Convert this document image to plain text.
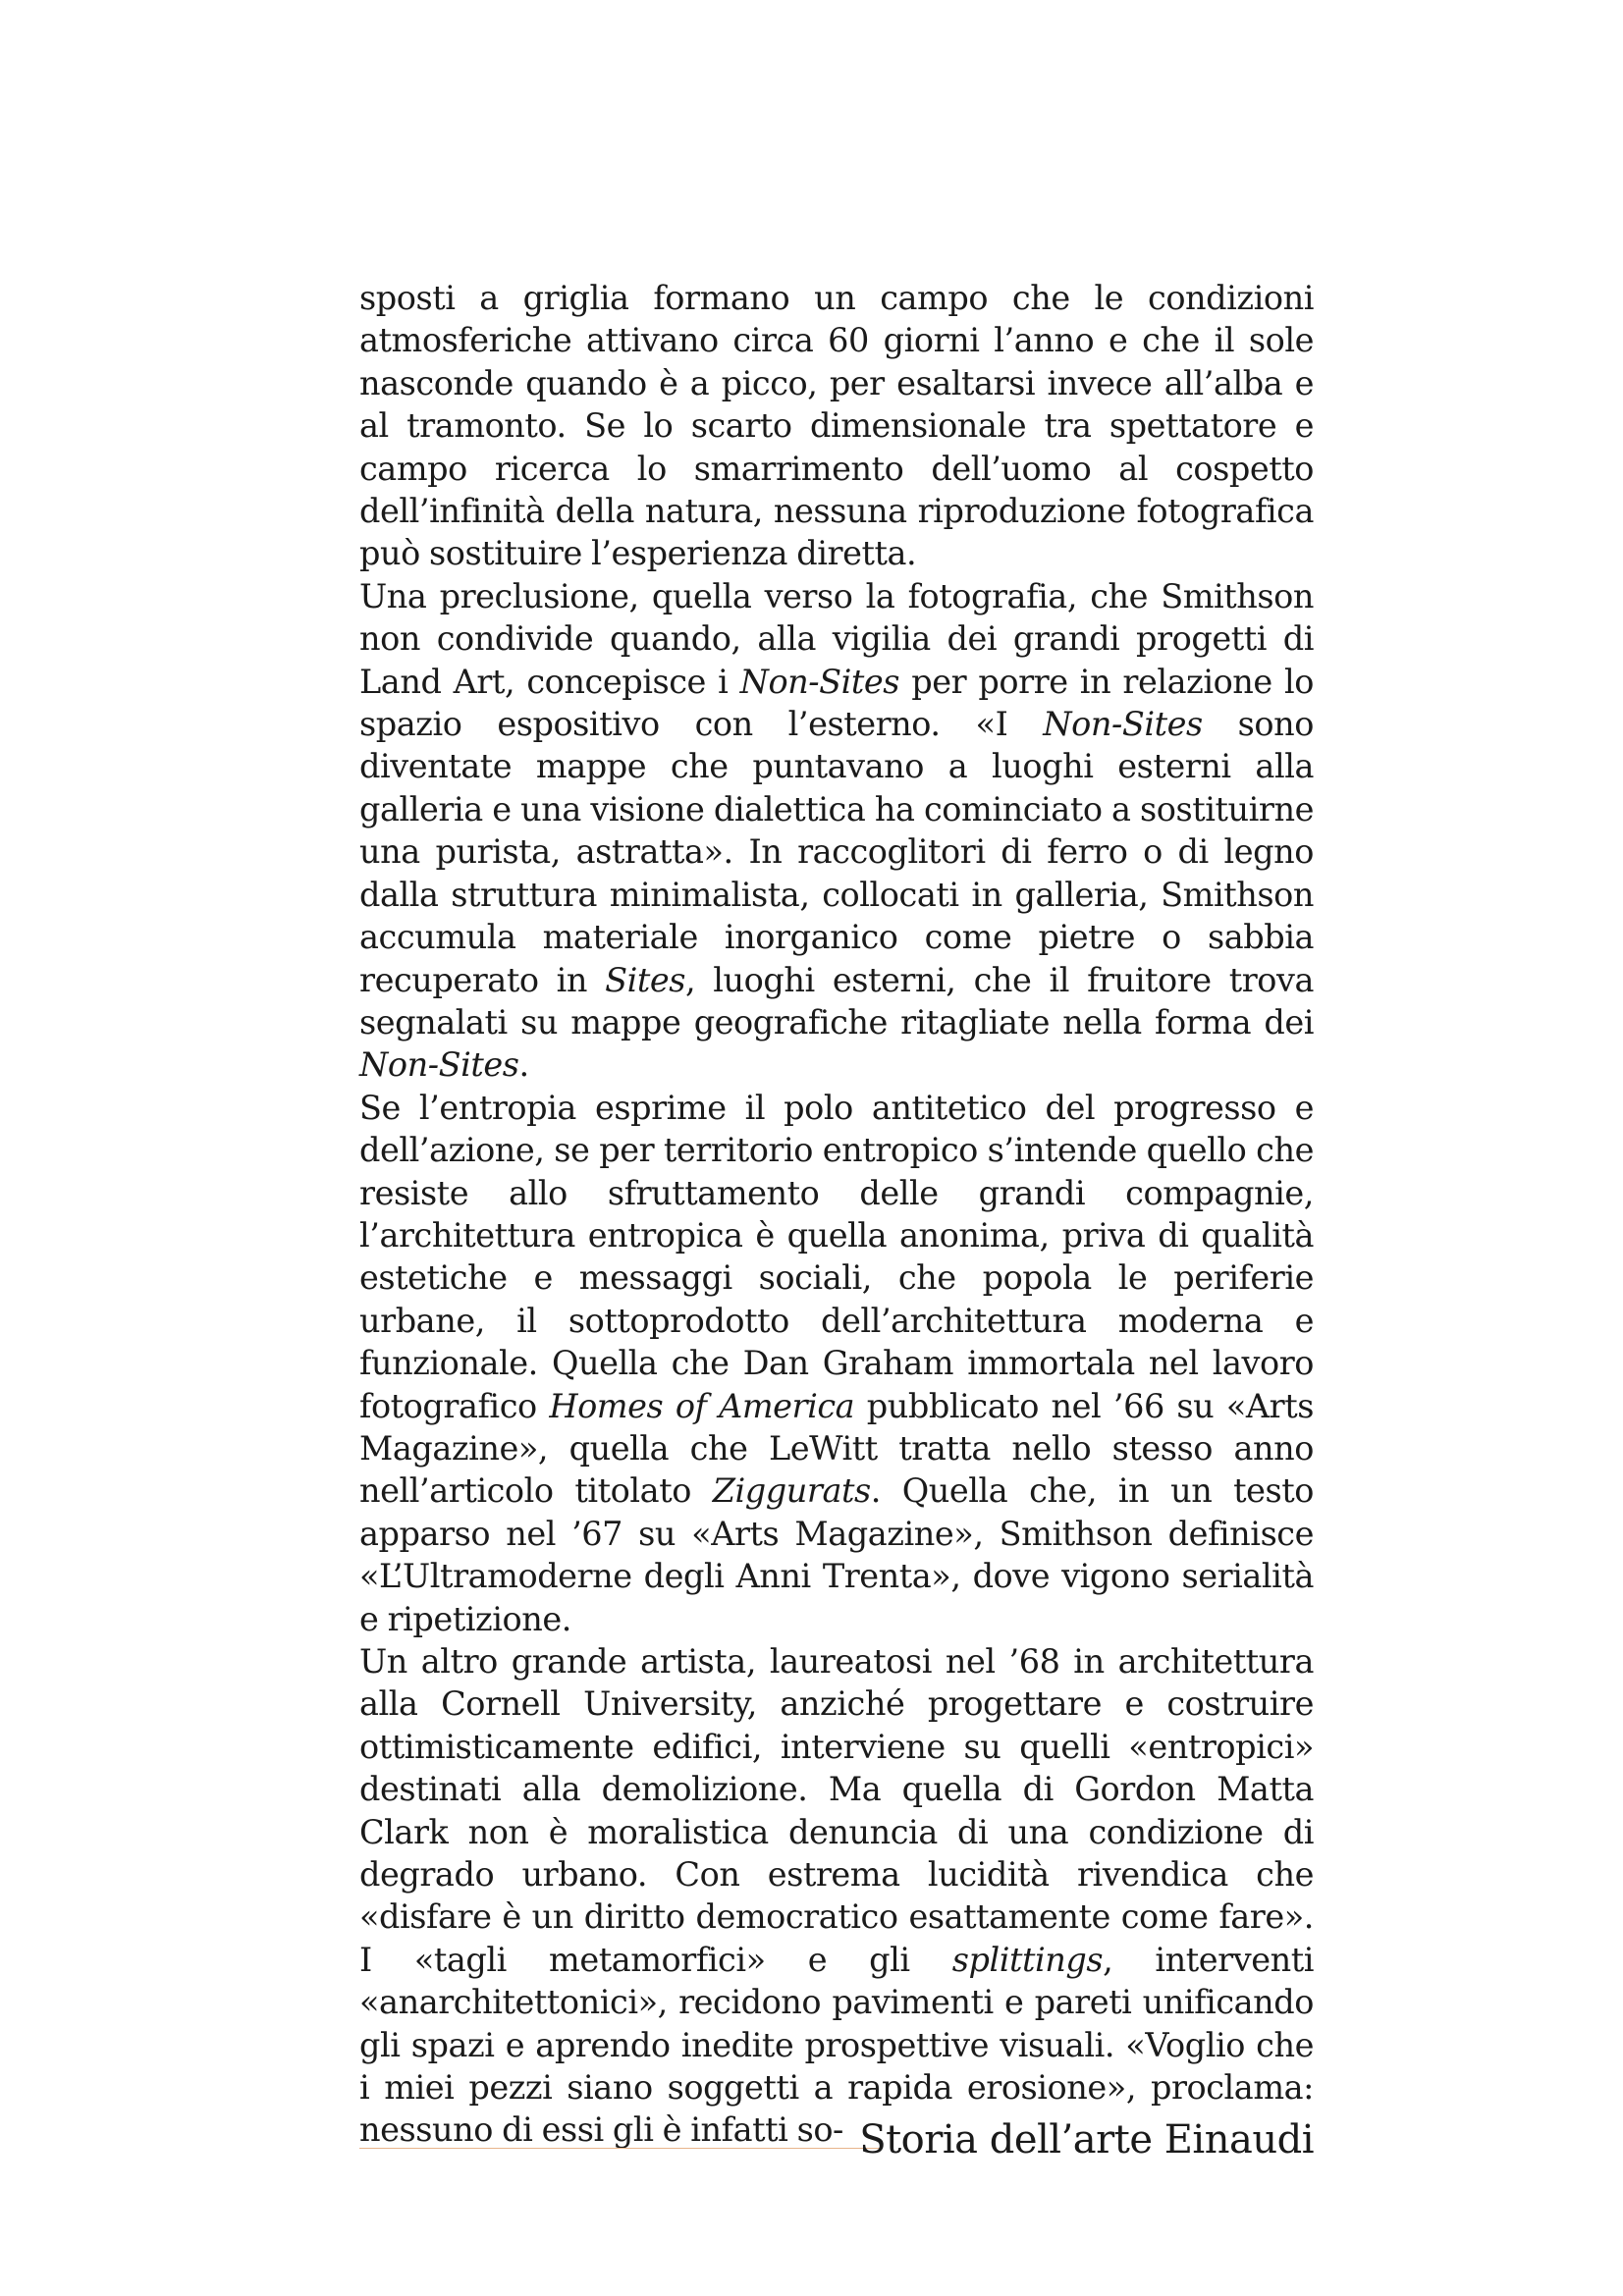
sposti a griglia formano un campo che le condizioni atmosferiche attivano circa 60 giorni l’anno e che il sole nasconde quando è a picco, per esaltarsi invece all’alba e al tramonto. Se lo scarto dimensionale tra spettatore e campo ricerca lo smarrimento dell’uomo al cospetto dell’infinità della natura, nessuna riproduzione fotografica può sostituire l’esperienza diretta.

Una preclusione, quella verso la fotografia, che Smithson non condivide quando, alla vigilia dei grandi progetti di Land Art, concepisce i Non-Sites per porre in relazione lo spazio espositivo con l’esterno. «I Non-Sites sono diventate mappe che puntavano a luoghi esterni alla galleria e una visione dialettica ha cominciato a sostituirne una purista, astratta». In raccoglitori di ferro o di legno dalla struttura minimalista, collocati in galleria, Smithson accumula materiale inorganico come pietre o sabbia recuperato in Sites, luoghi esterni, che il fruitore trova segnalati su mappe geografiche ritagliate nella forma dei Non-Sites.

Se l’entropia esprime il polo antitetico del progresso e dell’azione, se per territorio entropico s’intende quello che resiste allo sfruttamento delle grandi compagnie, l’architettura entropica è quella anonima, priva di qualità estetiche e messaggi sociali, che popola le periferie urbane, il sottoprodotto dell’architettura moderna e funzionale. Quella che Dan Graham immortala nel lavoro fotografico Homes of America pubblicato nel ’66 su «Arts Magazine», quella che LeWitt tratta nello stesso anno nell’articolo titolato Ziggurats. Quella che, in un testo apparso nel ’67 su «Arts Magazine», Smithson definisce «L’Ultramoderne degli Anni Trenta», dove vigono serialità e ripetizione.

Un altro grande artista, laureatosi nel ’68 in architettura alla Cornell University, anziché progettare e costruire ottimisticamente edifici, interviene su quelli «entropici» destinati alla demolizione. Ma quella di Gordon Matta Clark non è moralistica denuncia di una condizione di degrado urbano. Con estrema lucidità rivendica che «disfare è un diritto democratico esattamente come fare». I «tagli metamorfici» e gli splittings, interventi «anarchitettonici», recidono pavimenti e pareti unificando gli spazi e aprendo inedite prospettive visuali. «Voglio che i miei pezzi siano soggetti a rapida erosione», proclama: nessuno di essi gli è infatti so- Storia dell’arte Einaudi
